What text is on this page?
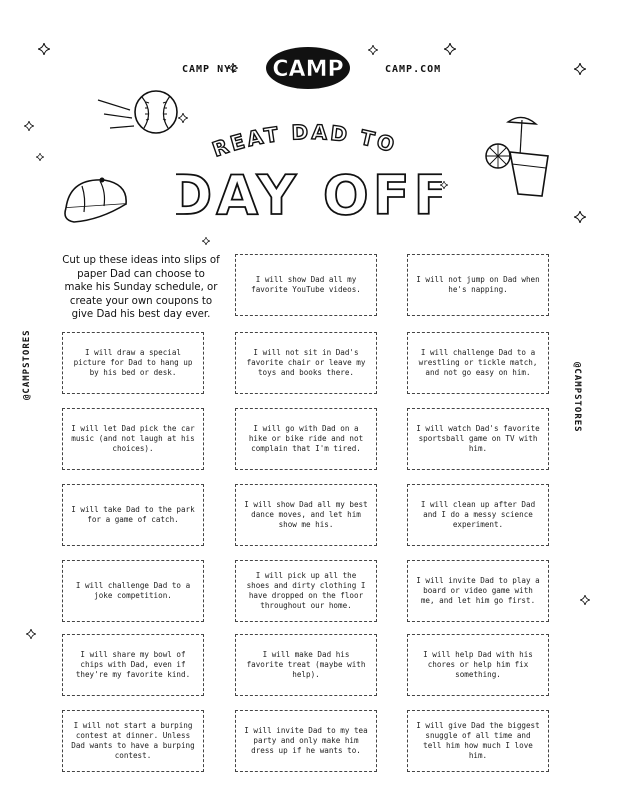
CAMP NYC CAMP	CAMP.COM
REAT DAD TO
DAY OFF
Cut up these ideas into slips of paper Dad can choose to make his Sunday schedule, or create your own coupons to give Dad his best day ever.
@CAMPSTORES	@CAMPSTORES
I will show Dad all my favorite YouTube videos.
I will not sit in Dad's favorite chair or leave my toys and books there.
I will go with Dad on a hike or bike ride and not complain that I'm tired.
I will show Dad all my best dance moves, and let him show me his.
I will pick up all the shoes and dirty clothing I have dropped on the floor throughout our home.
I will make Dad his favorite treat (maybe with help).
I will invite Dad to my tea party and only make him dress up if he wants to.
I will not jump on Dad when he's napping.
I will challenge Dad to a wrestling or tickle match, and not go easy on him.
I will watch Dad's favorite sportsball game on TV with him.
I will clean up after Dad and I do a messy science experiment.
I will invite Dad to play a board or video game with me, and let him go first.
I will help Dad with his chores or help him fix something.
I will give Dad the biggest snuggle of all time and tell him how much I love him.
I will draw a special picture for Dad to hang up by his bed or desk.
I will let Dad pick the car music (and not laugh at his choices).
I will take Dad to the park for a game of catch.
I will challenge Dad to a joke competition.
I will share my bowl of chips with Dad, even if they're my favorite kind.
I will not start a burping contest at dinner. Unless Dad wants to have a burping contest.
